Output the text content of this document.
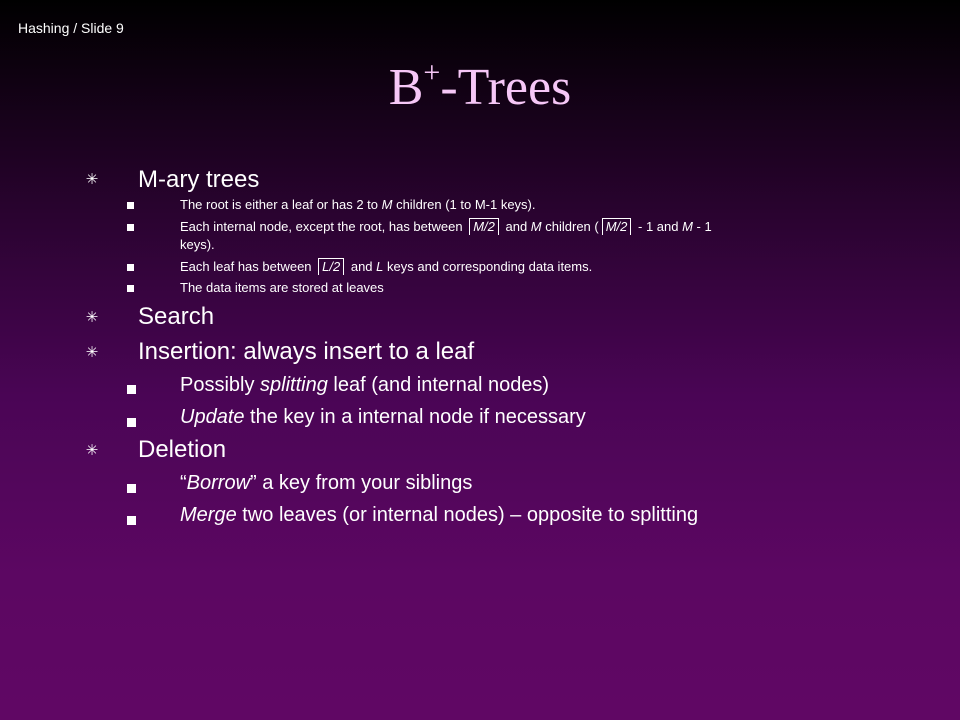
Hashing / Slide 9
B+-Trees
✳ M-ary trees
The root is either a leaf or has 2 to M children (1 to M-1 keys).
Each internal node, except the root, has between M/2 and M children ( M/2 - 1 and M - 1
keys).
Each leaf has between L/2 and L keys and corresponding data items.
The data items are stored at leaves
✳ Search
✳ Insertion: always insert to a leaf
Possibly splitting leaf (and internal nodes)
Update the key in a internal node if necessary
✳ Deletion
“Borrow” a key from your siblings
Merge two leaves (or internal nodes) – opposite to splitting
